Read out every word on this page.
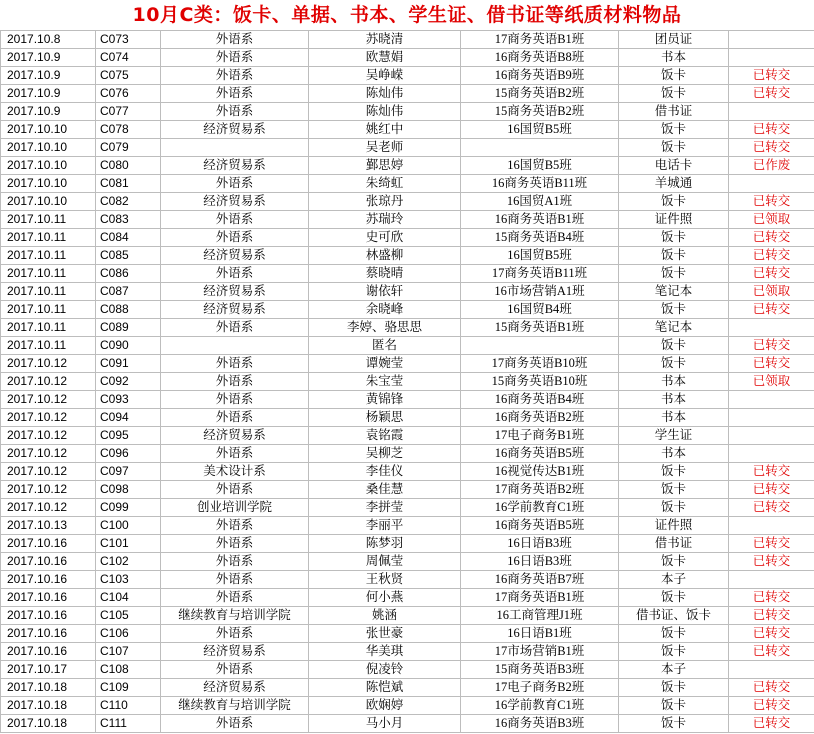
10月C类：饭卡、单据、书本、学生证、借书证等纸质材料物品
2017.10.8	C073	外语系	苏晓清	17商务英语B1班	团员证	
2017.10.9	C074	外语系	欧慧娟	16商务英语B8班	书本	
2017.10.9	C075	外语系	吴峥嵘	16商务英语B9班	饭卡	已转交
2017.10.9	C076	外语系	陈灿伟	15商务英语B2班	饭卡	已转交
2017.10.9	C077	外语系	陈灿伟	15商务英语B2班	借书证	
2017.10.10	C078	经济贸易系	姚红中	16国贸B5班	饭卡	已转交
2017.10.10	C079		吴老师		饭卡	已转交
2017.10.10	C080	经济贸易系	鄞思婷	16国贸B5班	电话卡	已作废
2017.10.10	C081	外语系	朱绮虹	16商务英语B11班	羊城通	
2017.10.10	C082	经济贸易系	张琼丹	16国贸A1班	饭卡	已转交
2017.10.11	C083	外语系	苏瑞玲	16商务英语B1班	证件照	已领取
2017.10.11	C084	外语系	史可欣	15商务英语B4班	饭卡	已转交
2017.10.11	C085	经济贸易系	林盛柳	16国贸B5班	饭卡	已转交
2017.10.11	C086	外语系	蔡晓晴	17商务英语B11班	饭卡	已转交
2017.10.11	C087	经济贸易系	谢依轩	16市场营销A1班	笔记本	已领取
2017.10.11	C088	经济贸易系	余晓峰	16国贸B4班	饭卡	已转交
2017.10.11	C089	外语系	李婷、骆思思	15商务英语B1班	笔记本	
2017.10.11	C090		匿名		饭卡	已转交
2017.10.12	C091	外语系	谭婉莹	17商务英语B10班	饭卡	已转交
2017.10.12	C092	外语系	朱宝莹	15商务英语B10班	书本	已领取
2017.10.12	C093	外语系	黄锦锋	16商务英语B4班	书本	
2017.10.12	C094	外语系	杨颖思	16商务英语B2班	书本	
2017.10.12	C095	经济贸易系	袁铭霞	17电子商务B1班	学生证	
2017.10.12	C096	外语系	吴柳芝	16商务英语B5班	书本	
2017.10.12	C097	美术设计系	李佳仪	16视觉传达B1班	饭卡	已转交
2017.10.12	C098	外语系	桑佳慧	17商务英语B2班	饭卡	已转交
2017.10.12	C099	创业培训学院	李拼莹	16学前教育C1班	饭卡	已转交
2017.10.13	C100	外语系	李丽平	16商务英语B5班	证件照	
2017.10.16	C101	外语系	陈梦羽	16日语B3班	借书证	已转交
2017.10.16	C102	外语系	周佩莹	16日语B3班	饭卡	已转交
2017.10.16	C103	外语系	王秋贤	16商务英语B7班	本子	
2017.10.16	C104	外语系	何小燕	17商务英语B1班	饭卡	已转交
2017.10.16	C105	继续教育与培训学院	姚涵	16工商管理J1班	借书证、饭卡	已转交
2017.10.16	C106	外语系	张世豪	16日语B1班	饭卡	已转交
2017.10.16	C107	经济贸易系	华美琪	17市场营销B1班	饭卡	已转交
2017.10.17	C108	外语系	倪凌铃	15商务英语B3班	本子	
2017.10.18	C109	经济贸易系	陈恺斌	17电子商务B2班	饭卡	已转交
2017.10.18	C110	继续教育与培训学院	欧娴婷	16学前教育C1班	饭卡	已转交
2017.10.18	C111	外语系	马小月	16商务英语B3班	饭卡	已转交
